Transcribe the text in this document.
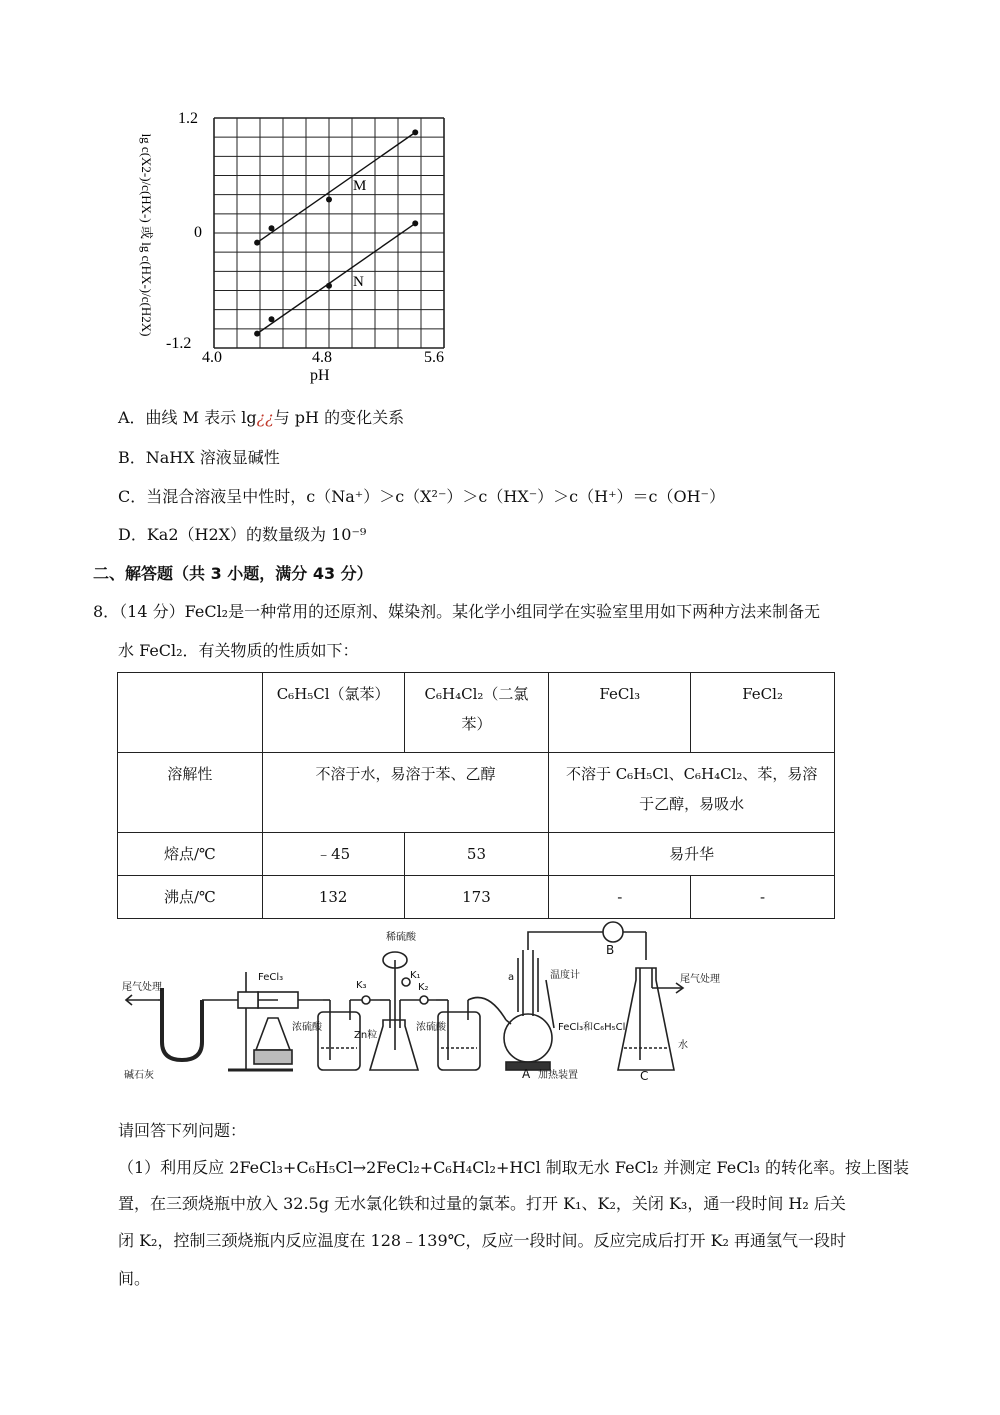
1.2
0
-1.2
4.0	4.8	5.6
pH
lg c(X2-)/c(HX-) 或 lg c(HX-)/c(H2X)	M
N
A．曲线 M 表示 lg¿¿与 pH 的变化关系
B．NaHX 溶液显碱性
C．当混合溶液呈中性时，c（Na⁺）＞c（X²⁻）＞c（HX⁻）＞c（H⁺）＝c（OH⁻）
D．Ka2（H2X）的数量级为 10⁻⁹
二、解答题（共 3 小题，满分 43 分）
8．（14 分）FeCl₂是一种常用的还原剂、媒染剂。某化学小组同学在实验室里用如下两种方法来制备无
水 FeCl₂．有关物质的性质如下：
	C₆H₅Cl（氯苯）	C₆H₄Cl₂（二氯
苯）	FeCl₃	FeCl₂
溶解性	不溶于水，易溶于苯、乙醇		不溶于 C₆H₅Cl、C₆H₄Cl₂、苯，易溶
于乙醇，易吸水	
熔点/℃	﹣45	53	易升华	
沸点/℃	132	173	-	-
尾气处理
碱石灰
FeCl₃
浓硫酸
Zn粒
K₃
K₁
K₂
稀硫酸
浓硫酸
a	温度计
FeCl₃和C₆H₅Cl
A 加热装置
B
尾气处理
水
C
请回答下列问题：
（1）利用反应 2FeCl₃+C₆H₅Cl→2FeCl₂+C₆H₄Cl₂+HCl 制取无水 FeCl₂ 并测定 FeCl₃ 的转化率。按上图装
置，在三颈烧瓶中放入 32.5g 无水氯化铁和过量的氯苯。打开 K₁、K₂，关闭 K₃，通一段时间 H₂ 后关
闭 K₂，控制三颈烧瓶内反应温度在 128﹣139℃，反应一段时间。反应完成后打开 K₂ 再通氢气一段时
间。
